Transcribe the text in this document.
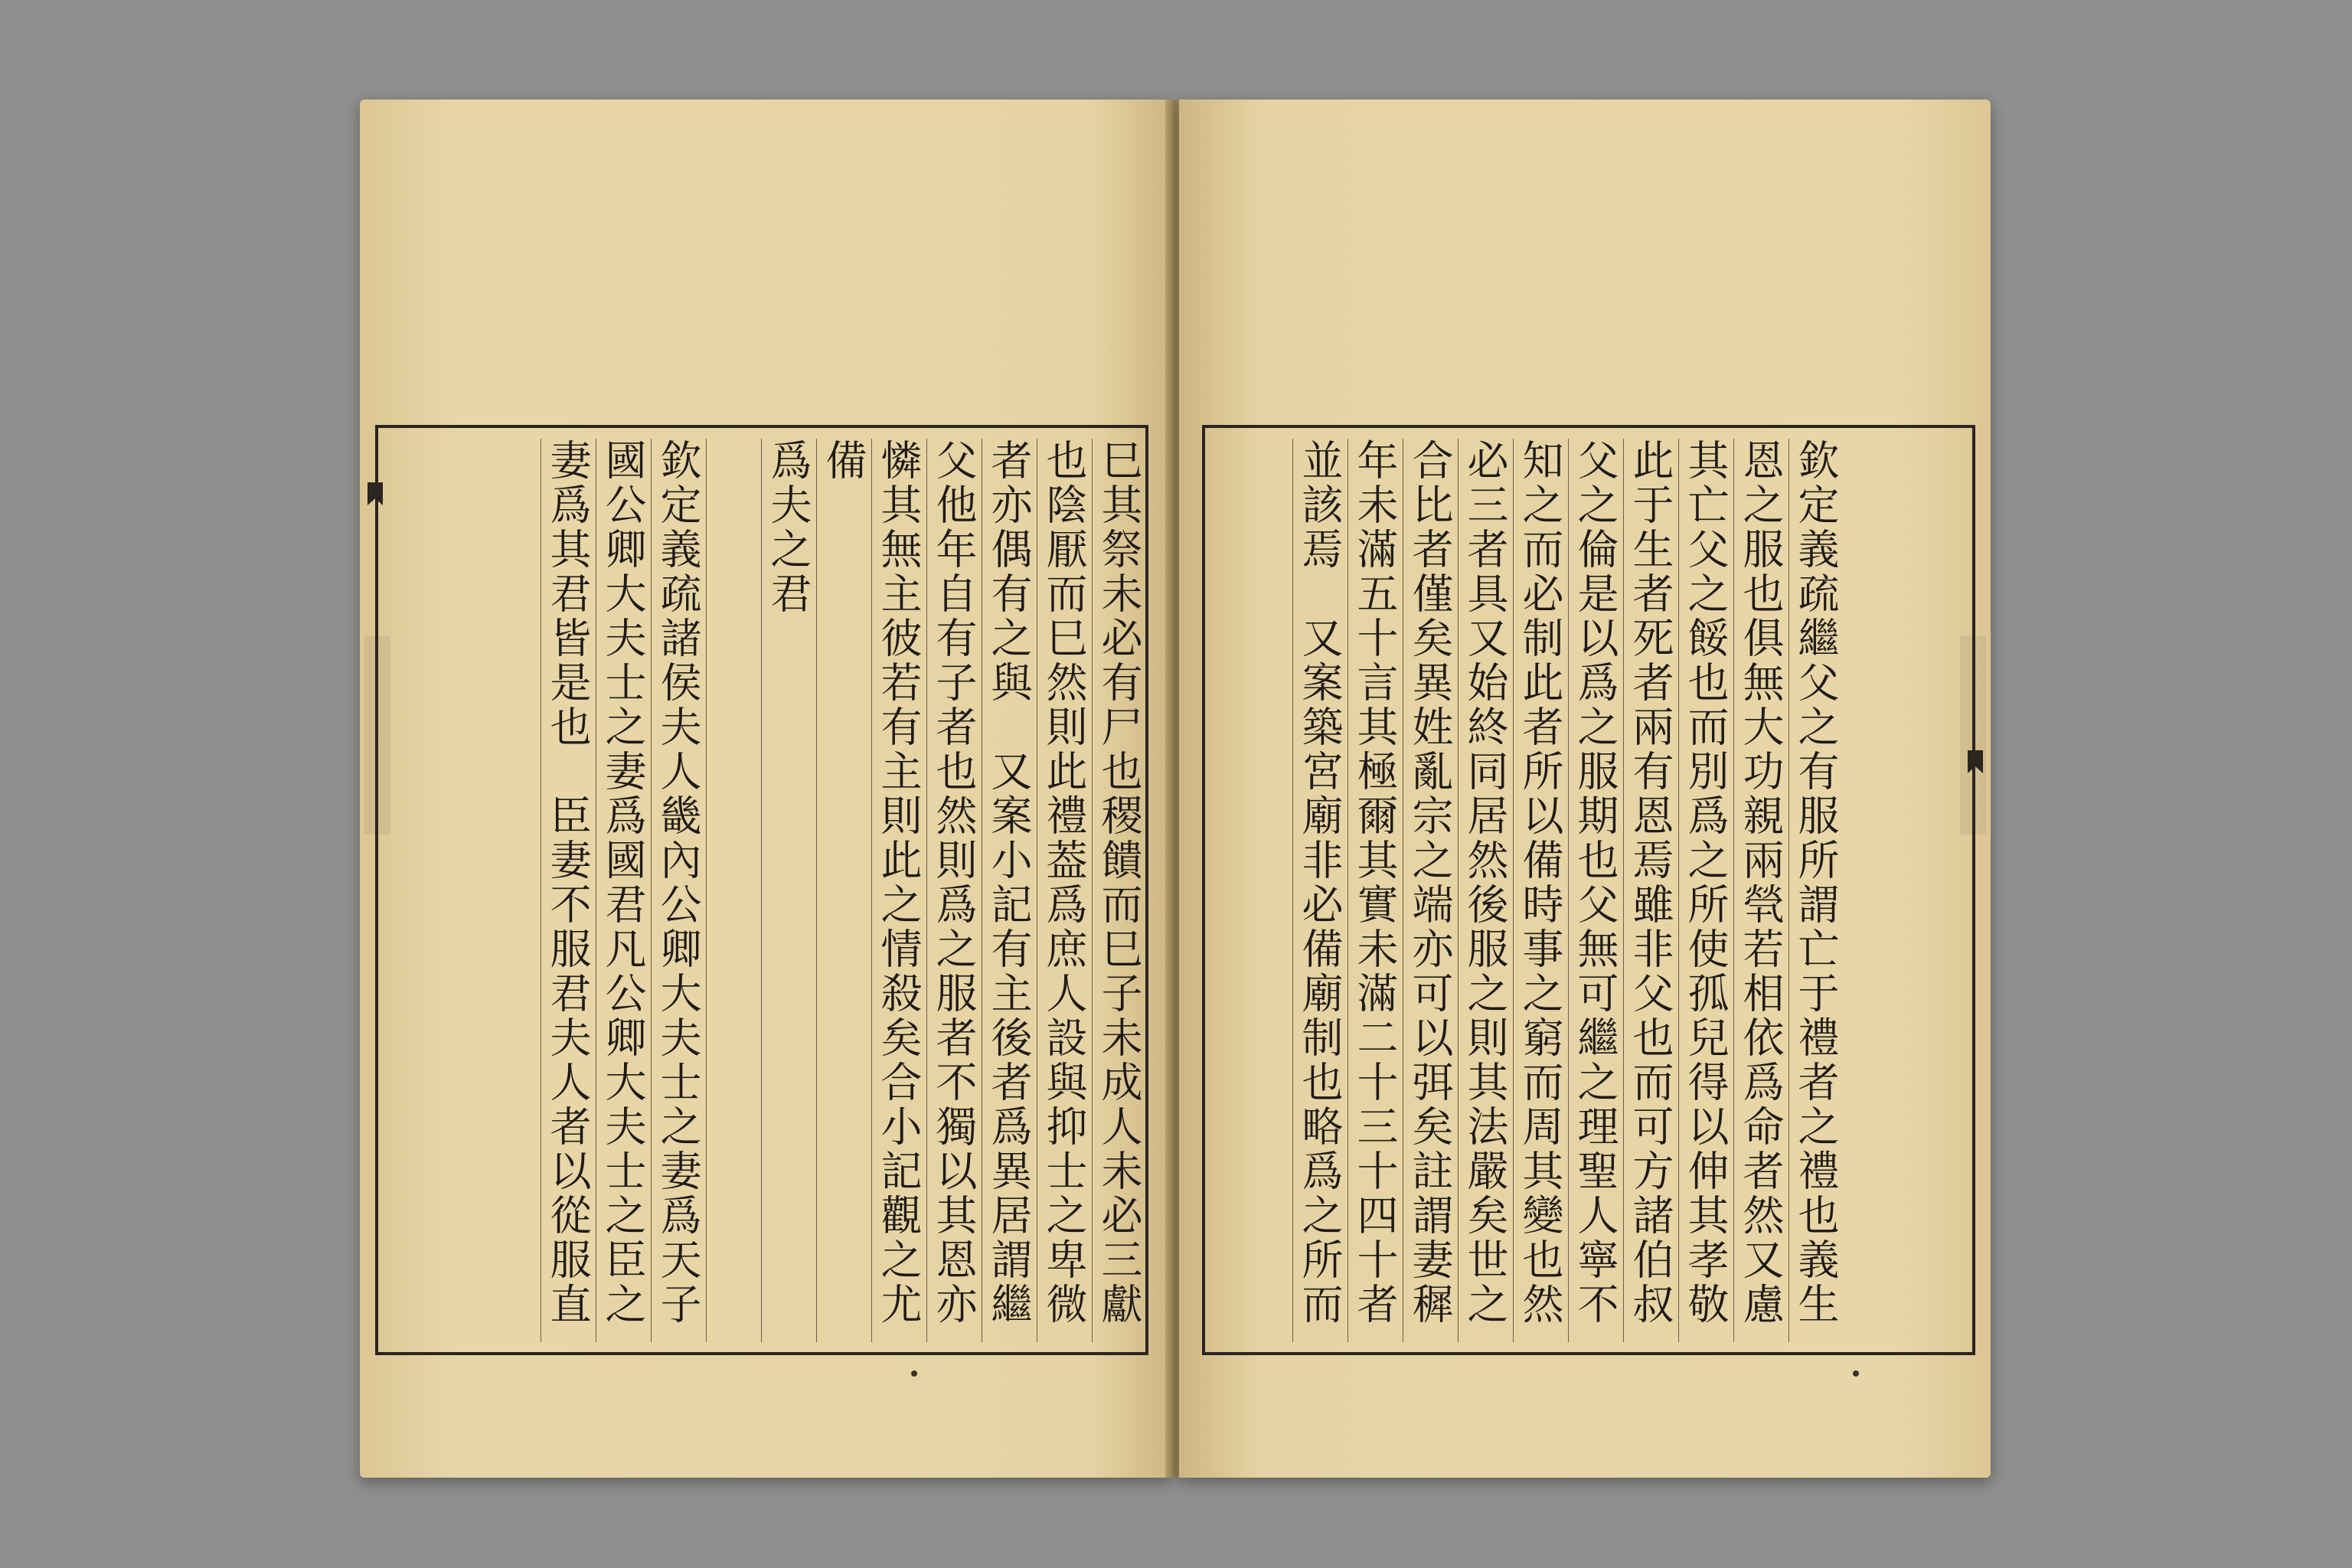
巳其祭未必有尸也稷饋而巳子未成人未必三獻
也陰厭而巳然則此禮葢爲庶人設與抑士之卑微
者亦偶有之與　又案小記有主後者爲異居謂繼
父他年自有子者也然則爲之服者不獨以其恩亦
憐其無主彼若有主則此之情殺矣合小記觀之尤
備
爲夫之君
欽定義疏諸侯夫人畿內公卿大夫士之妻爲天子
國公卿大夫士之妻爲國君凡公卿大夫士之臣之
妻爲其君皆是也　臣妻不服君夫人者以從服直	欽定義疏繼父之有服所謂亡于禮者之禮也義生
恩之服也俱無大功親兩煢若相依爲命者然又慮
其亡父之餒也而別爲之所使孤兒得以伸其孝敬
此于生者死者兩有恩焉雖非父也而可方諸伯叔
父之倫是以爲之服期也父無可繼之理聖人寧不
知之而必制此者所以備時事之窮而周其變也然
必三者具又始終同居然後服之則其法嚴矣世之
合比者僅矣異姓亂宗之端亦可以弭矣註謂妻穉
年未滿五十言其極爾其實未滿二十三十四十者
並該焉　又案築宮廟非必備廟制也略爲之所而
